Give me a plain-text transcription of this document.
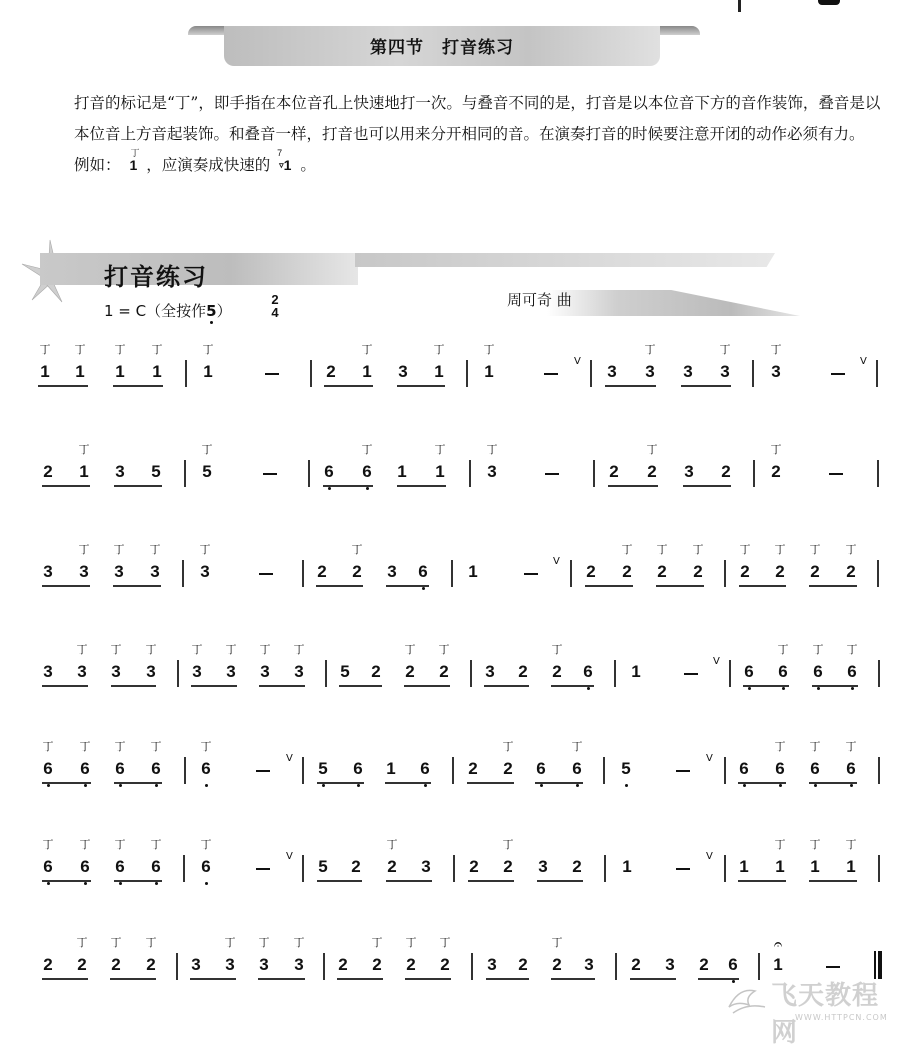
第四节　打音练习

打音的标记是“丁”，即手指在本位音孔上快速地打一次。与叠音不同的是，打音是以本位音下方的音作装饰，叠音是以本位音上方音起装饰。和叠音一样，打音也可以用来分开相同的音。在演奏打音的时候要注意开闭的动作必须有力。

例如：
丁
1 ，应演奏成快速的
7
▿1 。

打音练习
周可奇 曲
1 = C（全按作5）
2
4
丁
1
丁
1
丁
1
丁
1
丁
1	2
丁
1 3
丁
1
丁
1
V
3
丁
3 3
丁
3
丁
3
V
2
丁
1 3 5
丁
5	6
丁
6 1
丁
1
丁
3	2
丁
2 3 2
丁
2
3
丁
3
丁
3
丁
3
丁
3	2
丁
2 3 6 1
V
2
丁
2
丁
2
丁
2
丁
2
丁
2
丁
2
丁
2
3
丁
3
丁
3
丁
3
丁
3
丁
3
丁
3
丁
3 5 2
丁
2
丁
2 3 2
丁
2 6 1
V
6
丁
6
丁
6
丁
6
丁
6
丁
6
丁
6
丁
6
丁
6
V
5 6 1 6 2
丁
2 6
丁
6 5
V
6
丁
6
丁
6
丁
6
丁
6
丁
6
丁
6
丁
6
丁
6
V
5 2
丁
2 3 2
丁
2 3 2 1
V
1
丁
1
丁
1
丁
1
2
丁
2
丁
2
丁
2 3
丁
3
丁
3
丁
3 2
丁
2
丁
2
丁
2 3 2
丁
2 3 2 3 2 6
𝄐
1
飞天教程网
WWW.HTTPCN.COM
